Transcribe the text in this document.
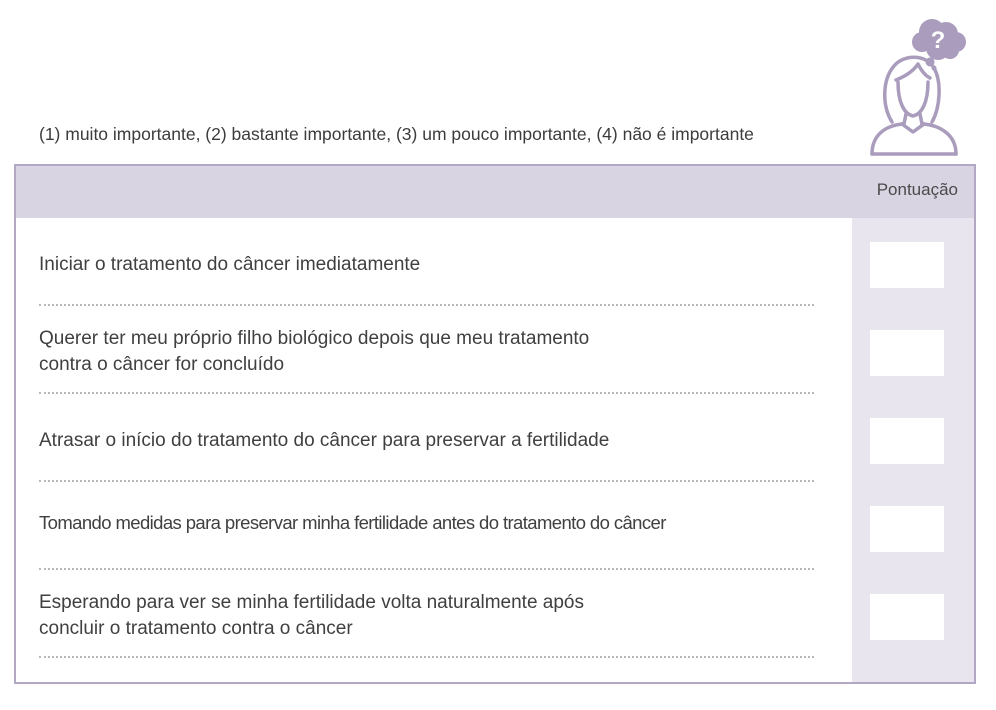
(1) muito importante, (2) bastante importante, (3) um pouco importante, (4) não é importante
?
Pontuação
Iniciar o tratamento do câncer imediatamente
Querer ter meu próprio filho biológico depois que meu tratamento
contra o câncer for concluído
Atrasar o início do tratamento do câncer para preservar a fertilidade
Tomando medidas para preservar minha fertilidade antes do tratamento do câncer
Esperando para ver se minha fertilidade volta naturalmente após
concluir o tratamento contra o câncer
